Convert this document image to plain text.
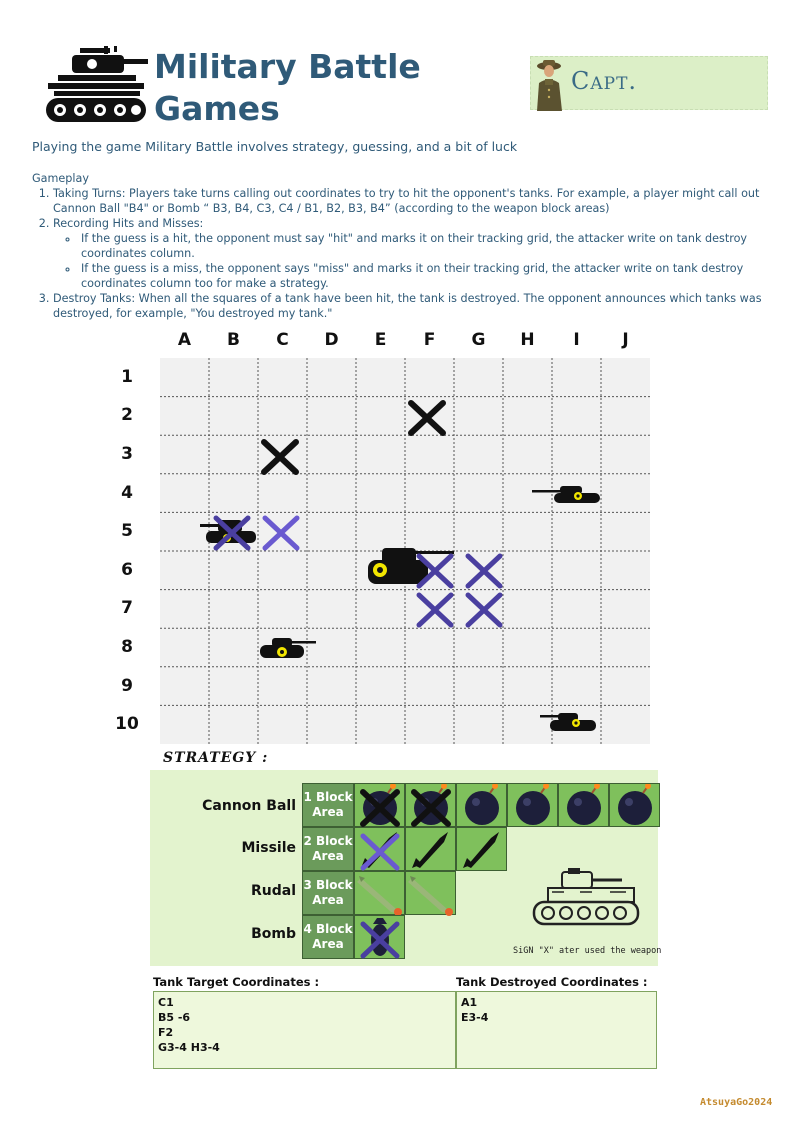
Military Battle
Games
Capt.
Playing the game Military Battle involves strategy, guessing, and a bit of luck
Gameplay
1. Taking Turns: Players take turns calling out coordinates to try to hit the opponent's tanks. For example, a player might call out Cannon Ball "B4" or Bomb “ B3, B4, C3, C4 / B1, B2, B3, B4” (according to the weapon block areas)
2. Recording Hits and Misses:
◦ If the guess is a hit, the opponent must say "hit" and marks it on their tracking grid, the attacker write on tank destroy coordinates column.
◦ If the guess is a miss, the opponent says "miss" and marks it on their tracking grid, the attacker write on tank destroy coordinates column too for make a strategy.
3. Destroy Tanks: When all the squares of a tank have been hit, the tank is destroyed. The opponent announces which tanks was destroyed, for example, "You destroyed my tank."
A	B	C	D	E	F	G	H	I	J
1
2
3
4
5
6
7
8
9
10
STRATEGY :
Cannon Ball
Missile
Rudal
Bomb
1 Block Area
2 Block Area
3 Block Area
4 Block Area	SiGN "X" ater used the weapon
Tank Target Coordinates :	Tank Destroyed Coordinates :
C1
B5 -6
F2
G3-4 H3-4
A1
E3-4
AtsuyaGo2024
